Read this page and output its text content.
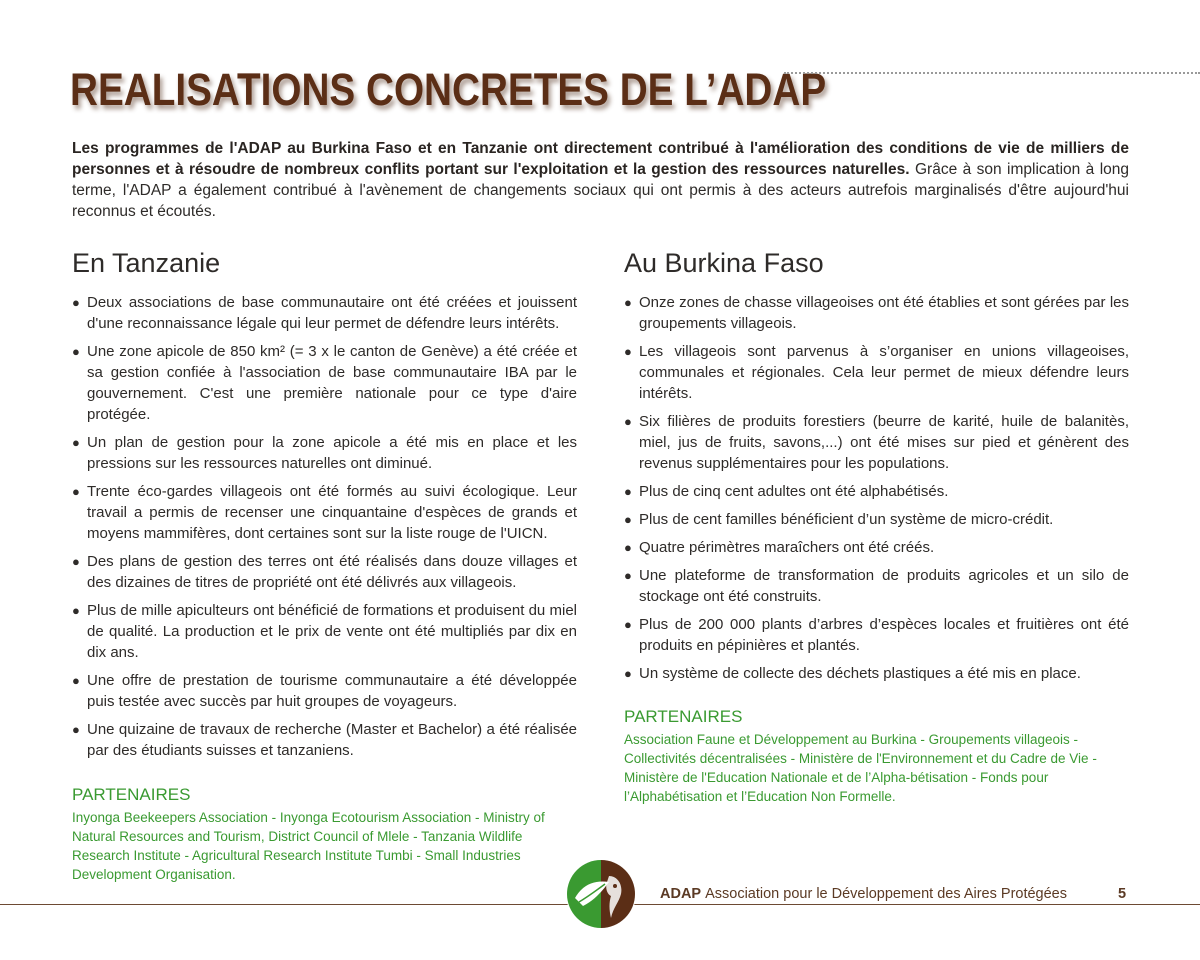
REALISATIONS CONCRETES DE L’ADAP

Les programmes de l'ADAP au Burkina Faso et en Tanzanie ont directement contribué à l'amélioration des conditions de vie de milliers de personnes et à résoudre de nombreux conflits portant sur l'exploitation et la gestion des ressources naturelles. Grâce à son implication à long terme, l'ADAP a également contribué à l'avènement de changements sociaux qui ont permis à des acteurs autrefois marginalisés d'être aujourd'hui reconnus et écoutés.

En Tanzanie
● Deux associations de base communautaire ont été créées et jouissent d'une reconnaissance légale qui leur permet de défendre leurs intérêts.
● Une zone apicole de 850 km² (= 3 x le canton de Genève) a été créée et sa gestion confiée à l'association de base communautaire IBA par le gouvernement. C'est une première nationale pour ce type d'aire protégée.
● Un plan de gestion pour la zone apicole a été mis en place et les pressions sur les ressources naturelles ont diminué.
● Trente éco-gardes villageois ont été formés au suivi écologique. Leur travail a permis de recenser une cinquantaine d'espèces de grands et moyens mammifères, dont certaines sont sur la liste rouge de l'UICN.
● Des plans de gestion des terres ont été réalisés dans douze villages et des dizaines de titres de propriété ont été délivrés aux villageois.
● Plus de mille apiculteurs ont bénéficié de formations et produisent du miel de qualité. La production et le prix de vente ont été multipliés par dix en dix ans.
● Une offre de prestation de tourisme communautaire a été développée puis testée avec succès par huit groupes de voyageurs.
● Une quizaine de travaux de recherche (Master et Bachelor) a été réalisée par des étudiants suisses et tanzaniens.
PARTENAIRES

Inyonga Beekeepers Association - Inyonga Ecotourism Association - Ministry of Natural Resources and Tourism, District Council of Mlele - Tanzania Wildlife Research Institute - Agricultural Research Institute Tumbi - Small Industries Development Organisation.

Au Burkina Faso
● Onze zones de chasse villageoises ont été établies et sont gérées par les groupements villageois.
● Les villageois sont parvenus à s’organiser en unions villageoises, communales et régionales. Cela leur permet de mieux défendre leurs intérêts.
● Six filières de produits forestiers (beurre de karité, huile de balanitès, miel, jus de fruits, savons,...) ont été mises sur pied et génèrent des revenus supplémentaires pour les populations.
● Plus de cinq cent adultes ont été alphabétisés.
● Plus de cent familles bénéficient d’un système de micro-crédit.
● Quatre périmètres maraîchers ont été créés.
● Une plateforme de transformation de produits agricoles et un silo de stockage ont été construits.
● Plus de 200 000 plants d’arbres d’espèces locales et fruitières ont été produits en pépinières et plantés.
● Un système de collecte des déchets plastiques a été mis en place.
PARTENAIRES

Association Faune et Développement au Burkina - Groupements villageois - Collectivités décentralisées - Ministère de l'Environnement et du Cadre de Vie - Ministère de l'Education Nationale et de l’Alpha-bétisation - Fonds pour l’Alphabétisation et l’Education Non Formelle.

ADAP Association pour le Développement des Aires Protégées	5
